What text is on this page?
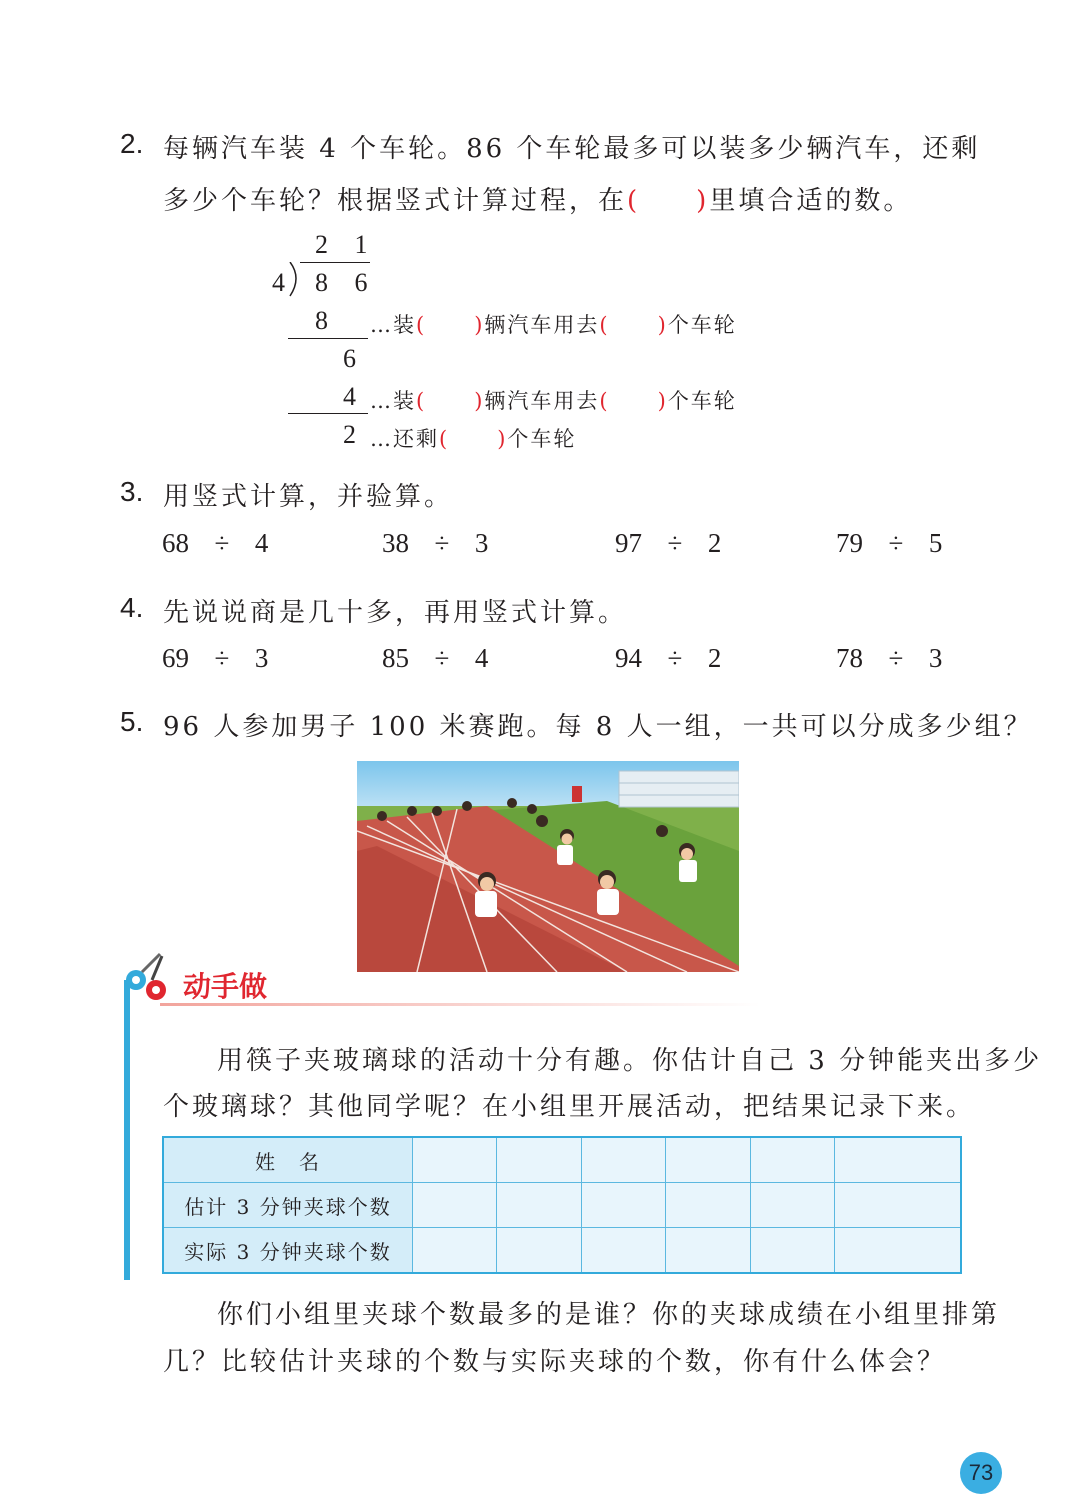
2. 每辆汽车装 4 个车轮。86 个车轮最多可以装多少辆汽车，还剩
多少个车轮？根据竖式计算过程，在( )里填合适的数。
2 1
4 8 6
8 …装( )辆汽车用去( )个车轮
6
4 …装( )辆汽车用去( )个车轮
2 …还剩( )个车轮
3. 用竖式计算，并验算。
68  ÷  4	38  ÷  3	97  ÷  2	79  ÷  5
4. 先说说商是几十多，再用竖式计算。
69  ÷  3	85  ÷  4	94  ÷  2	78  ÷  3
5. 96 人参加男子 100 米赛跑。每 8 人一组，一共可以分成多少组？
动手做
用筷子夹玻璃球的活动十分有趣。你估计自己 3 分钟能夹出多少
个玻璃球？其他同学呢？在小组里开展活动，把结果记录下来。
姓　名						
估计 3 分钟夹球个数						
实际 3 分钟夹球个数						
你们小组里夹球个数最多的是谁？你的夹球成绩在小组里排第
几？比较估计夹球的个数与实际夹球的个数，你有什么体会？
73
